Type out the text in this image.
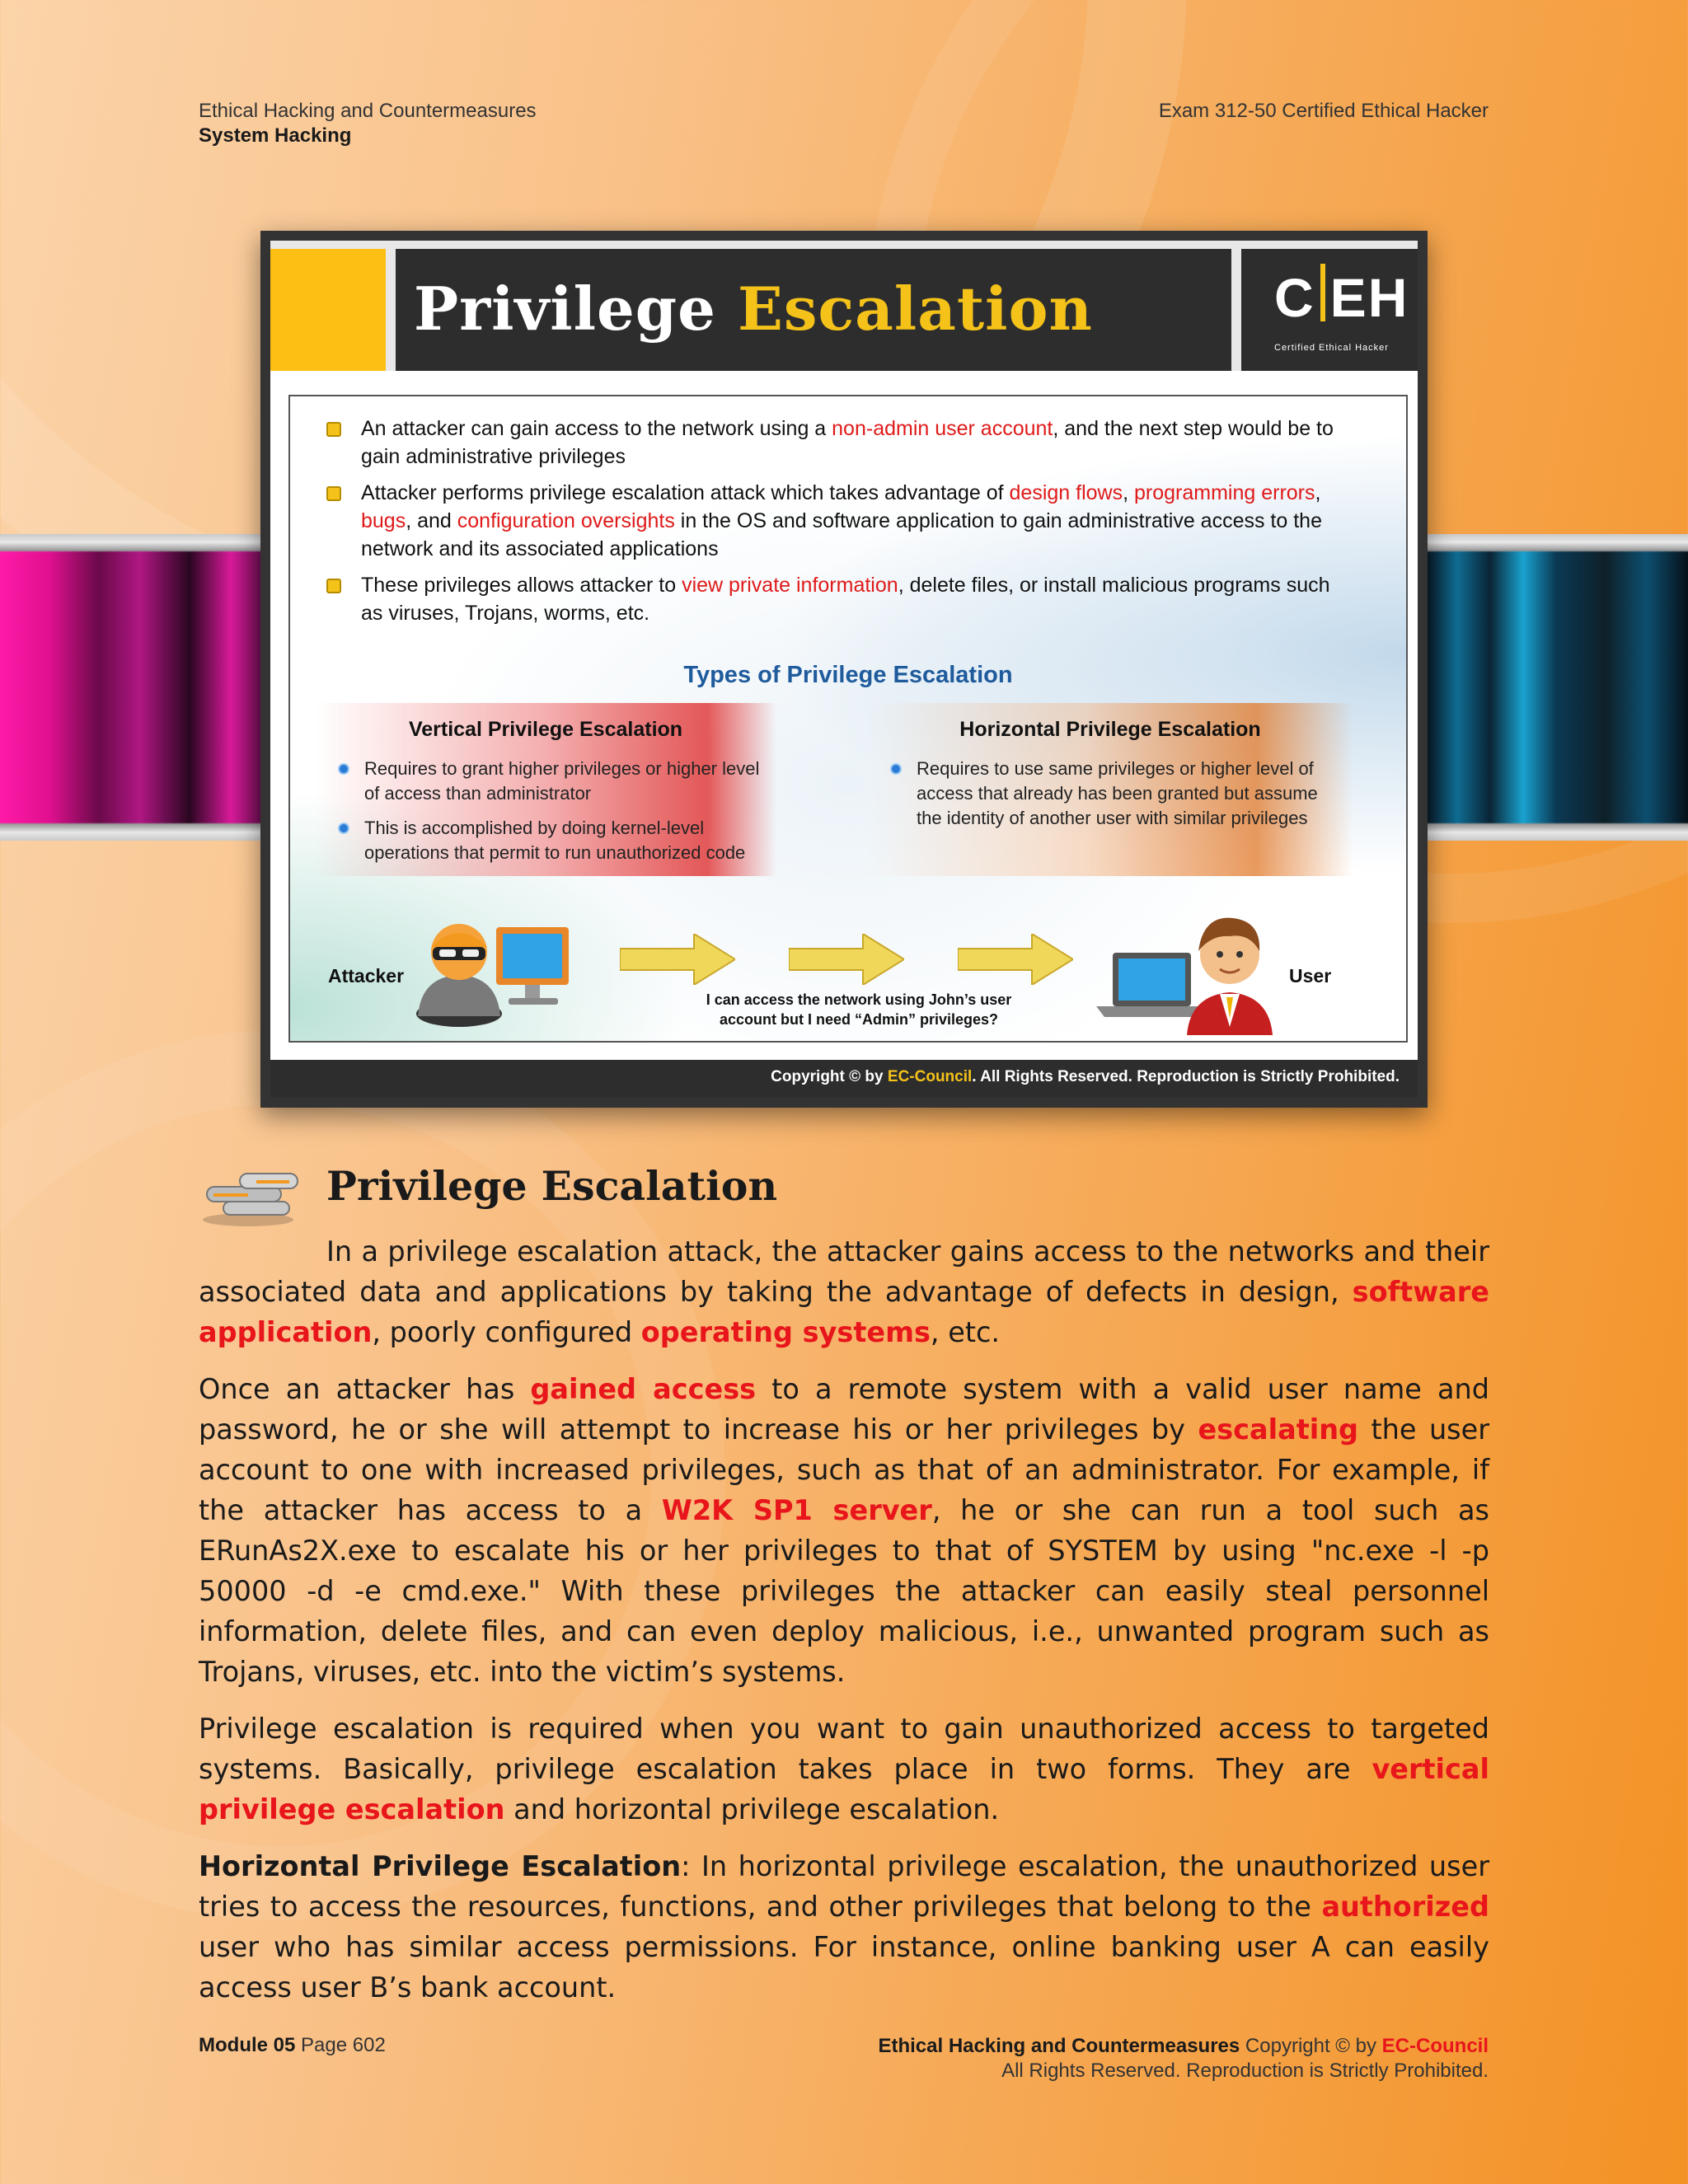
Ethical Hacking and Countermeasures
System Hacking
Exam 312-50 Certified Ethical Hacker
Privilege Escalation	C EH
Certified Ethical Hacker
An attacker can gain access to the network using a non-admin user account, and the next step would be to gain administrative privileges
Attacker performs privilege escalation attack which takes advantage of design flows, programming errors, bugs, and configuration oversights in the OS and software application to gain administrative access to the network and its associated applications
These privileges allows attacker to view private information, delete files, or install malicious programs such as viruses, Trojans, worms, etc.
Types of Privilege Escalation
Vertical Privilege Escalation
Requires to grant higher privileges or higher level of access than administrator
This is accomplished by doing kernel-level operations that permit to run unauthorized code
Horizontal Privilege Escalation
Requires to use same privileges or higher level of access that already has been granted but assume the identity of another user with similar privileges
Attacker
I can access the network using John’s user
account but I need “Admin” privileges?
User
Copyright © by EC-Council. All Rights Reserved. Reproduction is Strictly Prohibited.
Privilege Escalation

In a privilege escalation attack, the attacker gains access to the networks and their associated data and applications by taking the advantage of defects in design, software application, poorly configured operating systems, etc.

Once an attacker has gained access to a remote system with a valid user name and password, he or she will attempt to increase his or her privileges by escalating the user account to one with increased privileges, such as that of an administrator. For example, if the attacker has access to a W2K SP1 server, he or she can run a tool such as ERunAs2X.exe to escalate his or her privileges to that of SYSTEM by using "nc.exe -l -p 50000 -d -e cmd.exe." With these privileges the attacker can easily steal personnel information, delete files, and can even deploy malicious, i.e., unwanted program such as Trojans, viruses, etc. into the victim’s systems.

Privilege escalation is required when you want to gain unauthorized access to targeted systems. Basically, privilege escalation takes place in two forms. They are vertical privilege escalation and horizontal privilege escalation.

Horizontal Privilege Escalation: In horizontal privilege escalation, the unauthorized user tries to access the resources, functions, and other privileges that belong to the authorized user who has similar access permissions. For instance, online banking user A can easily access user B’s bank account.

Module 05 Page 602	Ethical Hacking and Countermeasures Copyright © by EC-Council
All Rights Reserved. Reproduction is Strictly Prohibited.
